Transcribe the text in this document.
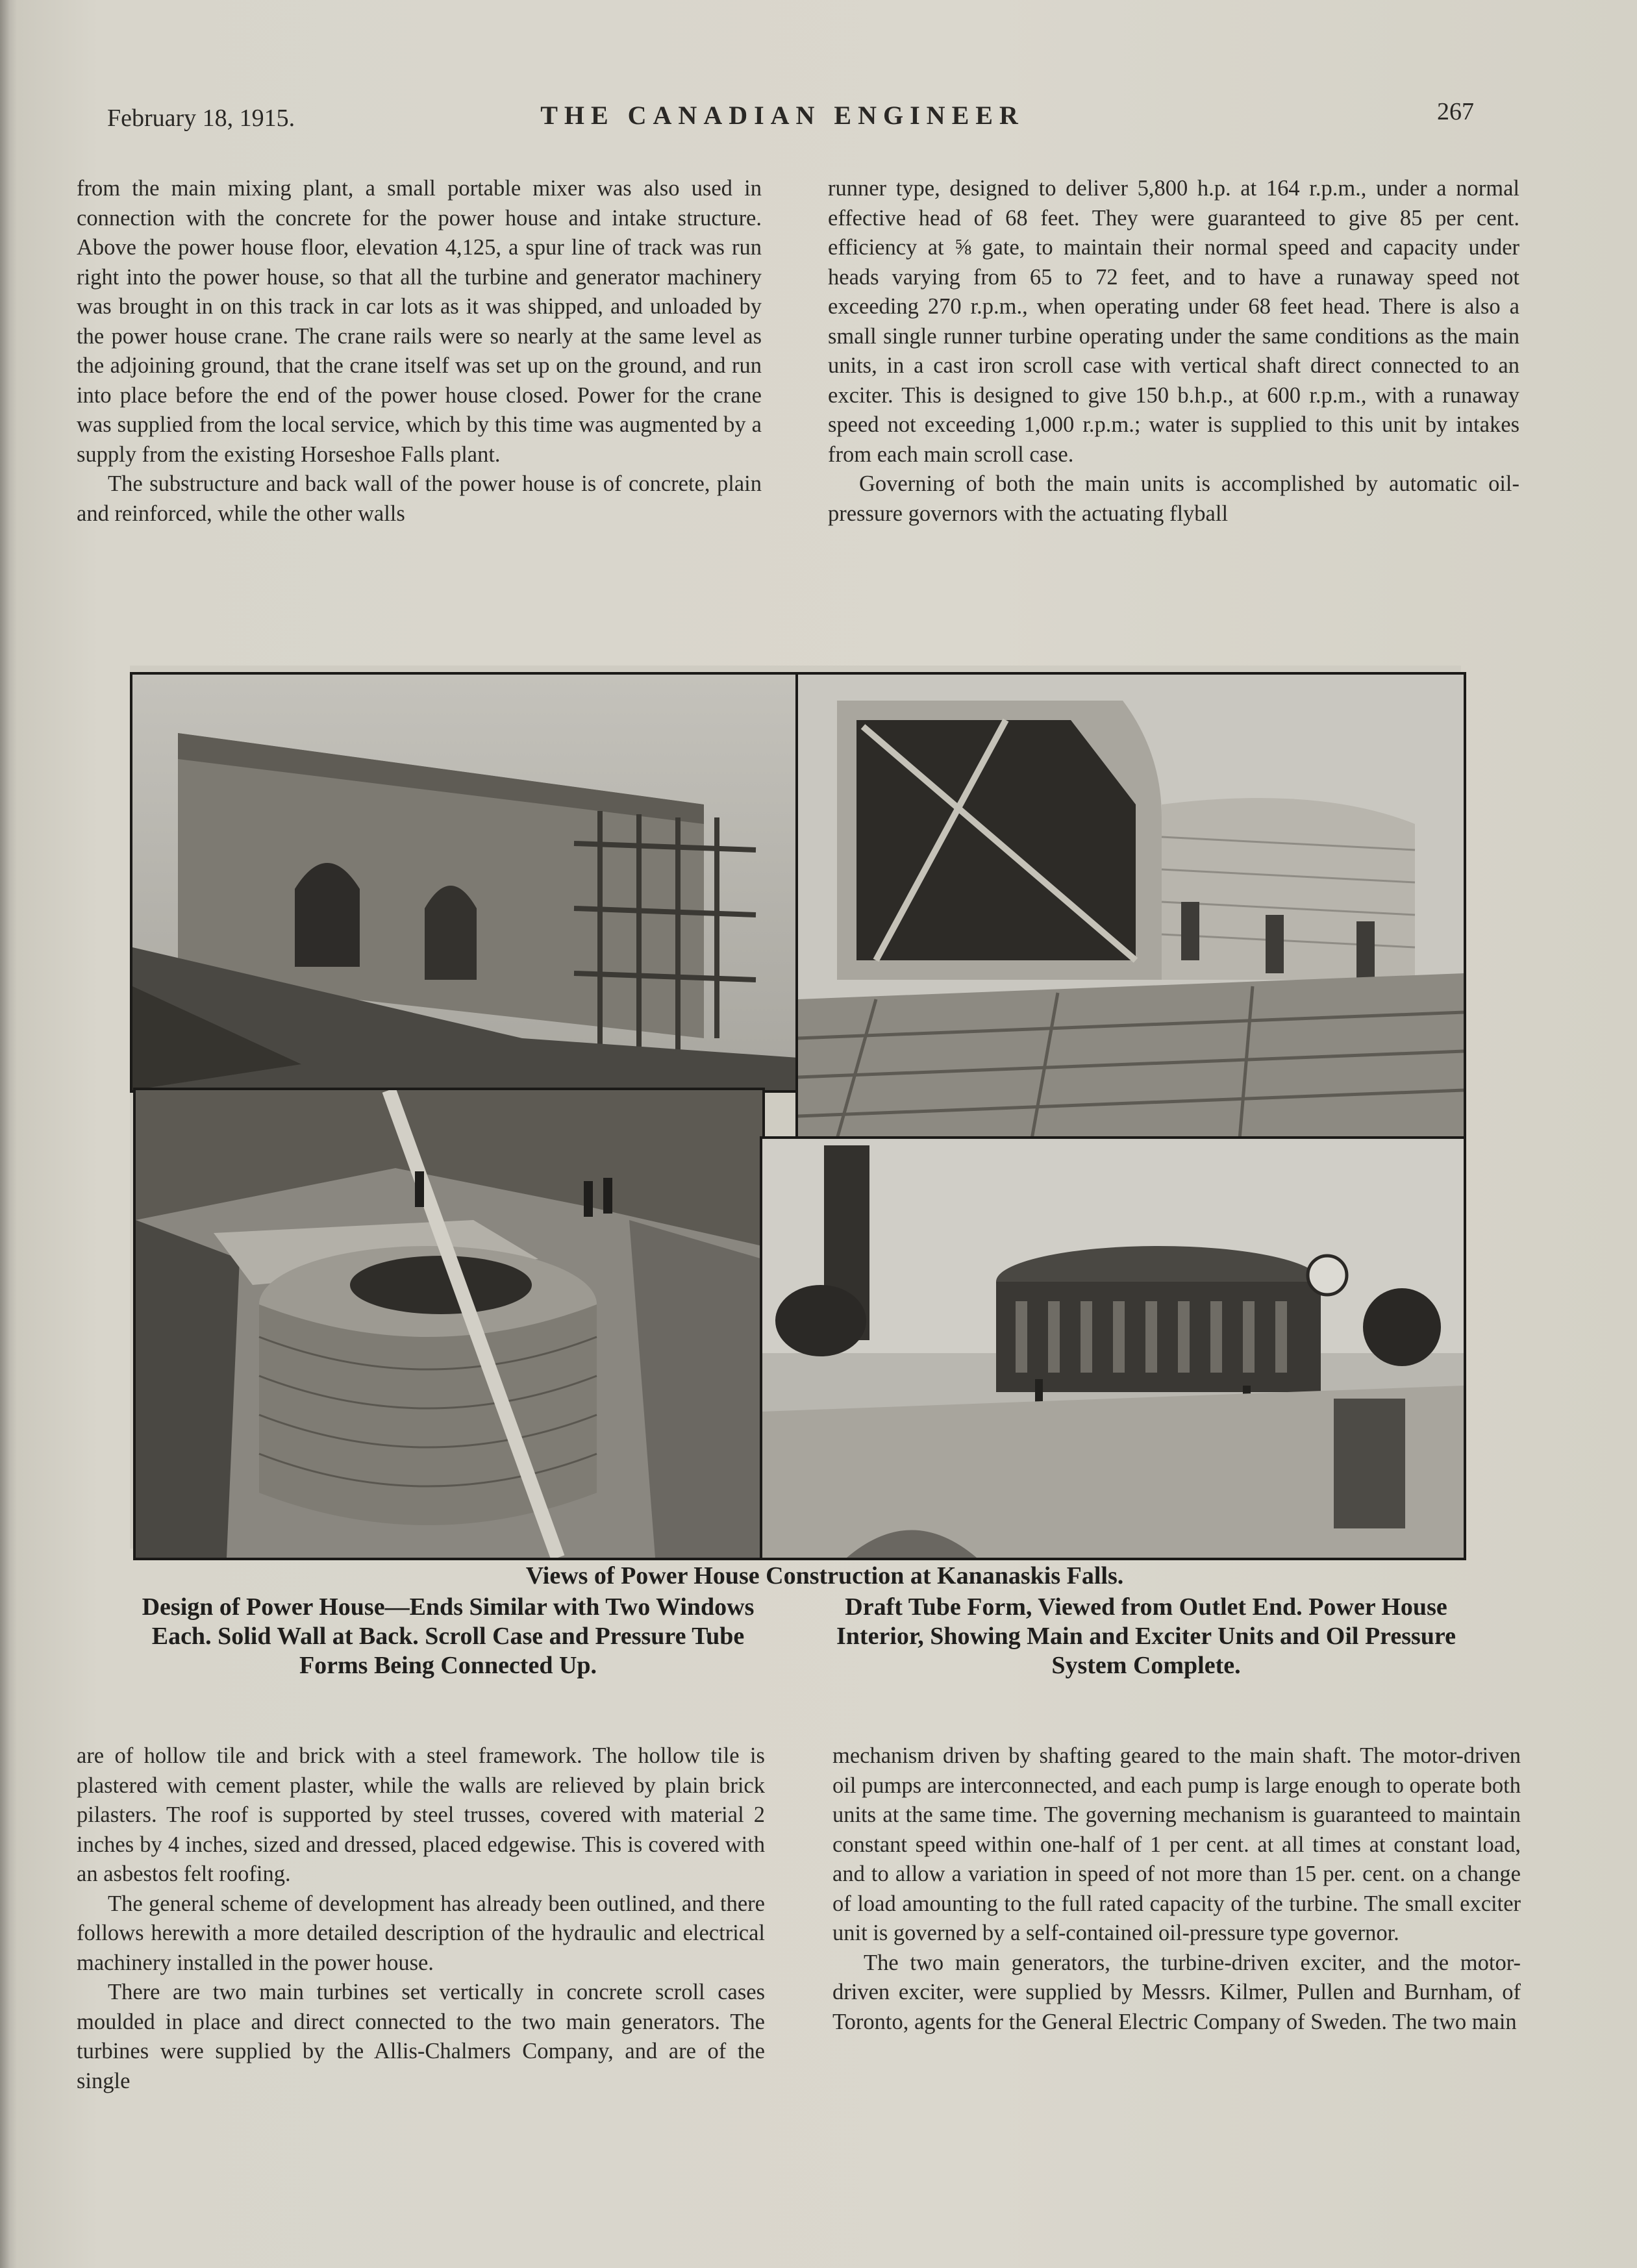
February 18, 1915.	THE CANADIAN ENGINEER	267

from the main mixing plant, a small portable mixer was also used in connection with the concrete for the power house and intake structure. Above the power house floor, elevation 4,125, a spur line of track was run right into the power house, so that all the turbine and generator machinery was brought in on this track in car lots as it was shipped, and unloaded by the power house crane. The crane rails were so nearly at the same level as the adjoining ground, that the crane itself was set up on the ground, and run into place before the end of the power house closed. Power for the crane was supplied from the local service, which by this time was augmented by a supply from the existing Horseshoe Falls plant.

The substructure and back wall of the power house is of concrete, plain and reinforced, while the other walls

runner type, designed to deliver 5,800 h.p. at 164 r.p.m., under a normal effective head of 68 feet. They were guaranteed to give 85 per cent. efficiency at ⅝ gate, to maintain their normal speed and capacity under heads varying from 65 to 72 feet, and to have a runaway speed not exceeding 270 r.p.m., when operating under 68 feet head. There is also a small single runner turbine operating under the same conditions as the main units, in a cast iron scroll case with vertical shaft direct connected to an exciter. This is designed to give 150 b.h.p., at 600 r.p.m., with a runaway speed not exceeding 1,000 r.p.m.; water is supplied to this unit by intakes from each main scroll case.

Governing of both the main units is accomplished by automatic oil-pressure governors with the actuating flyball

Views of Power House Construction at Kananaskis Falls.
Design of Power House—Ends Similar with Two Windows Each. Solid Wall at Back. Scroll Case and Pressure Tube Forms Being Connected Up.
Draft Tube Form, Viewed from Outlet End. Power House Interior, Showing Main and Exciter Units and Oil Pressure System Complete.

are of hollow tile and brick with a steel framework. The hollow tile is plastered with cement plaster, while the walls are relieved by plain brick pilasters. The roof is supported by steel trusses, covered with material 2 inches by 4 inches, sized and dressed, placed edgewise. This is covered with an asbestos felt roofing.

The general scheme of development has already been outlined, and there follows herewith a more detailed description of the hydraulic and electrical machinery installed in the power house.

There are two main turbines set vertically in concrete scroll cases moulded in place and direct connected to the two main generators. The turbines were supplied by the Allis-Chalmers Company, and are of the single

mechanism driven by shafting geared to the main shaft. The motor-driven oil pumps are interconnected, and each pump is large enough to operate both units at the same time. The governing mechanism is guaranteed to maintain constant speed within one-half of 1 per cent. at all times at constant load, and to allow a variation in speed of not more than 15 per. cent. on a change of load amounting to the full rated capacity of the turbine. The small exciter unit is governed by a self-contained oil-pressure type governor.

The two main generators, the turbine-driven exciter, and the motor-driven exciter, were supplied by Messrs. Kilmer, Pullen and Burnham, of Toronto, agents for the General Electric Company of Sweden. The two main
